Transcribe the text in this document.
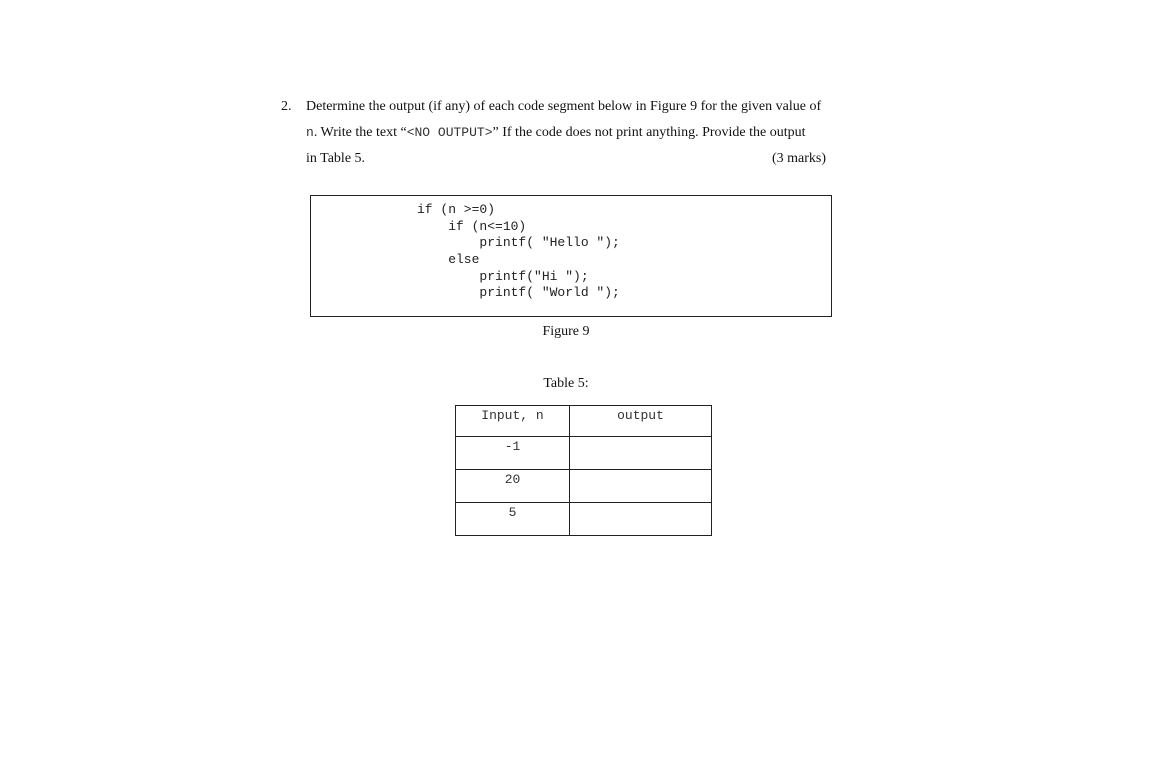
2. Determine the output (if any) of each code segment below in Figure 9 for the given value of
n. Write the text “<NO OUTPUT>” If the code does not print anything. Provide the output
in Table 5.	(3 marks)
if (n >=0)
if (n<=10)
printf( "Hello ");
else
printf("Hi ");
printf( "World ");
Figure 9
Table 5:
Input, n	output
-1	
20	
5	
